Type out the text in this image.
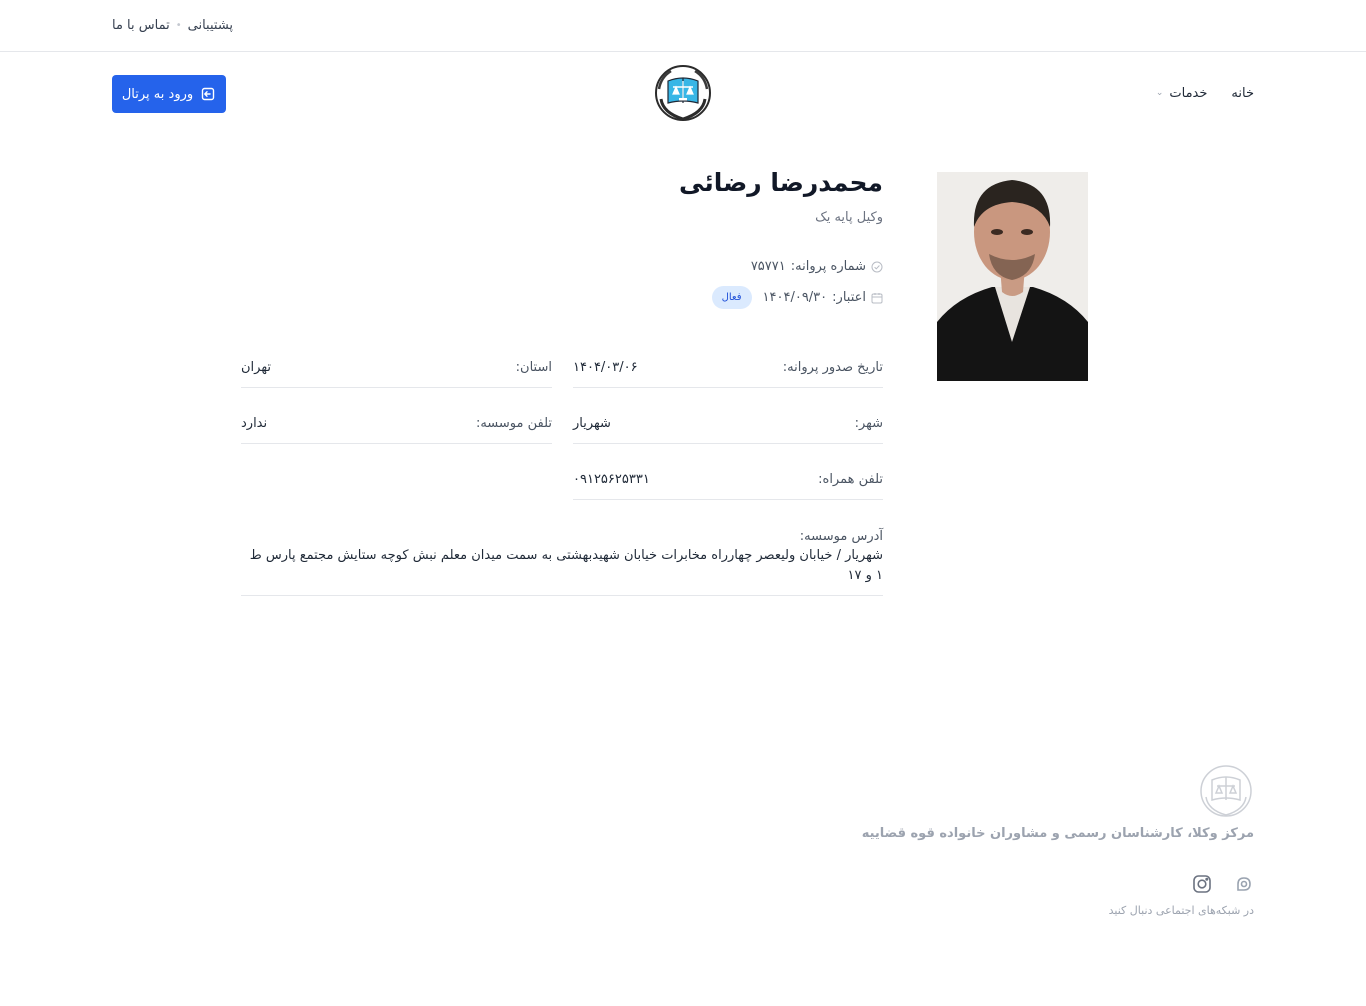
تماس با ما • پشتیبانی
ورود به پرتال	خانه
خدمات
⌄
محمدرضا رضائی
وکیل پایه یک
شماره پروانه:
۷۵۷۷۱
اعتبار:
۱۴۰۴/۰۹/۳۰
فعال
تاریخ صدور پروانه:
۱۴۰۴/۰۳/۰۶
استان:
تهران
شهر:
شهریار
تلفن موسسه:
ندارد
تلفن همراه:
۰۹۱۲۵۶۲۵۳۳۱
آدرس موسسه:
شهریار / خیابان ولیعصر چهارراه مخابرات خیابان شهیدبهشتی به سمت میدان معلم نبش کوچه ستایش مجتمع پارس ط ۱ و ۱۷
مرکز وکلا، کارشناسان رسمی و مشاوران خانواده قوه قضاییه
در شبکه‌های اجتماعی دنبال کنید
